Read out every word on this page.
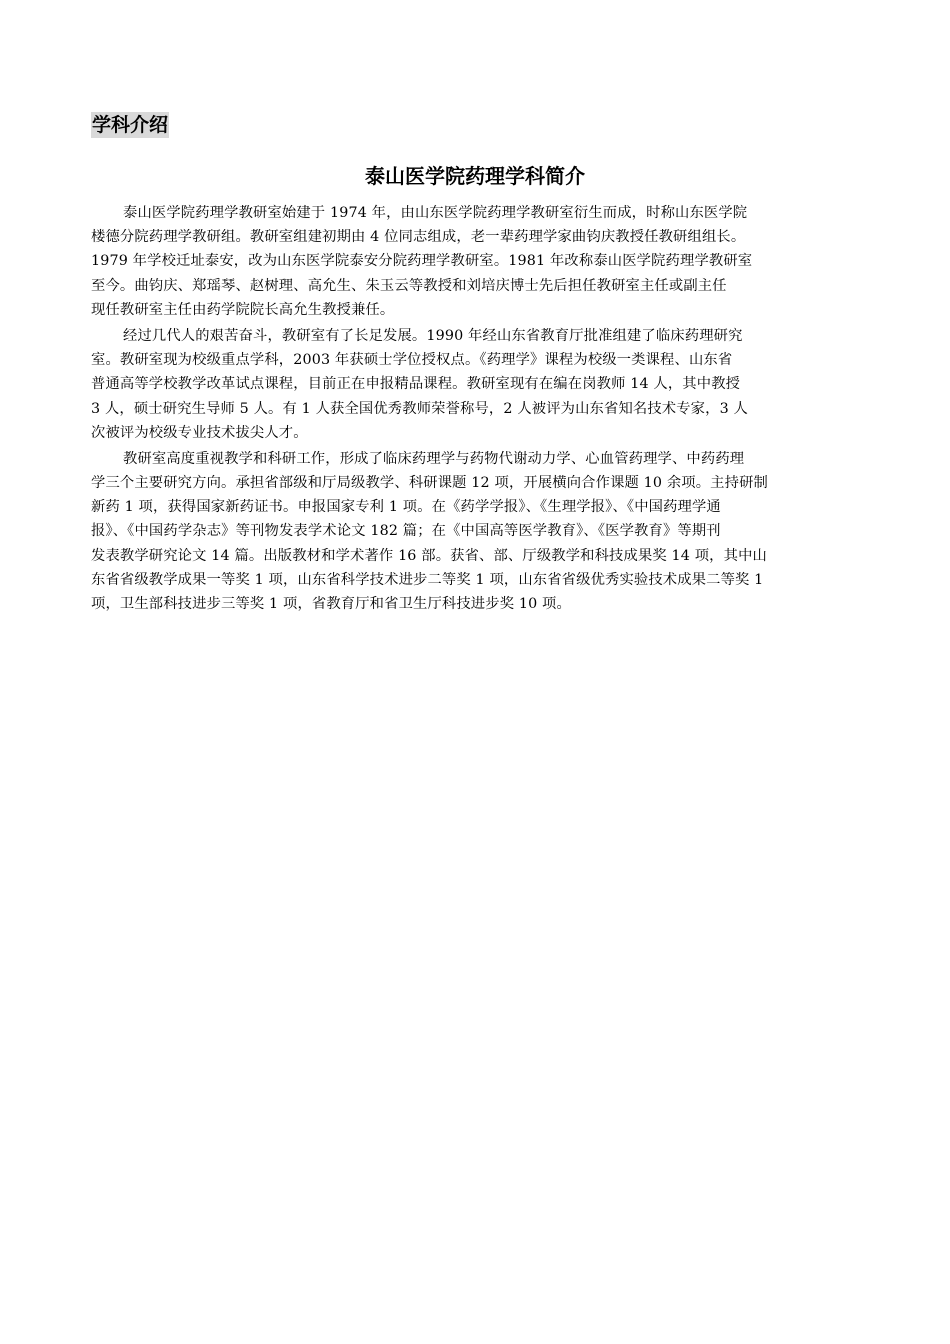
学科介绍
泰山医学院药理学科简介
泰山医学院药理学教研室始建于 1974 年，由山东医学院药理学教研室衍生而成，时称山东医学院
楼德分院药理学教研组。教研室组建初期由 4 位同志组成，老一辈药理学家曲钧庆教授任教研组组长。
1979 年学校迁址泰安，改为山东医学院泰安分院药理学教研室。1981 年改称泰山医学院药理学教研室
至今。曲钧庆、郑瑶琴、赵树理、高允生、朱玉云等教授和刘培庆博士先后担任教研室主任或副主任
现任教研室主任由药学院院长高允生教授兼任。
经过几代人的艰苦奋斗，教研室有了长足发展。1990 年经山东省教育厅批准组建了临床药理研究
室。教研室现为校级重点学科，2003 年获硕士学位授权点。《药理学》课程为校级一类课程、山东省
普通高等学校教学改革试点课程，目前正在申报精品课程。教研室现有在编在岗教师 14 人，其中教授
3 人，硕士研究生导师 5 人。有 1 人获全国优秀教师荣誉称号，2 人被评为山东省知名技术专家，3 人
次被评为校级专业技术拔尖人才。
教研室高度重视教学和科研工作，形成了临床药理学与药物代谢动力学、心血管药理学、中药药理
学三个主要研究方向。承担省部级和厅局级教学、科研课题 12 项，开展横向合作课题 10 余项。主持研制
新药 1 项，获得国家新药证书。申报国家专利 1 项。在《药学学报》、《生理学报》、《中国药理学通
报》、《中国药学杂志》等刊物发表学术论文 182 篇；在《中国高等医学教育》、《医学教育》等期刊
发表教学研究论文 14 篇。出版教材和学术著作 16 部。获省、部、厅级教学和科技成果奖 14 项，其中山
东省省级教学成果一等奖 1 项，山东省科学技术进步二等奖 1 项，山东省省级优秀实验技术成果二等奖 1
项，卫生部科技进步三等奖 1 项，省教育厅和省卫生厅科技进步奖 10 项。
